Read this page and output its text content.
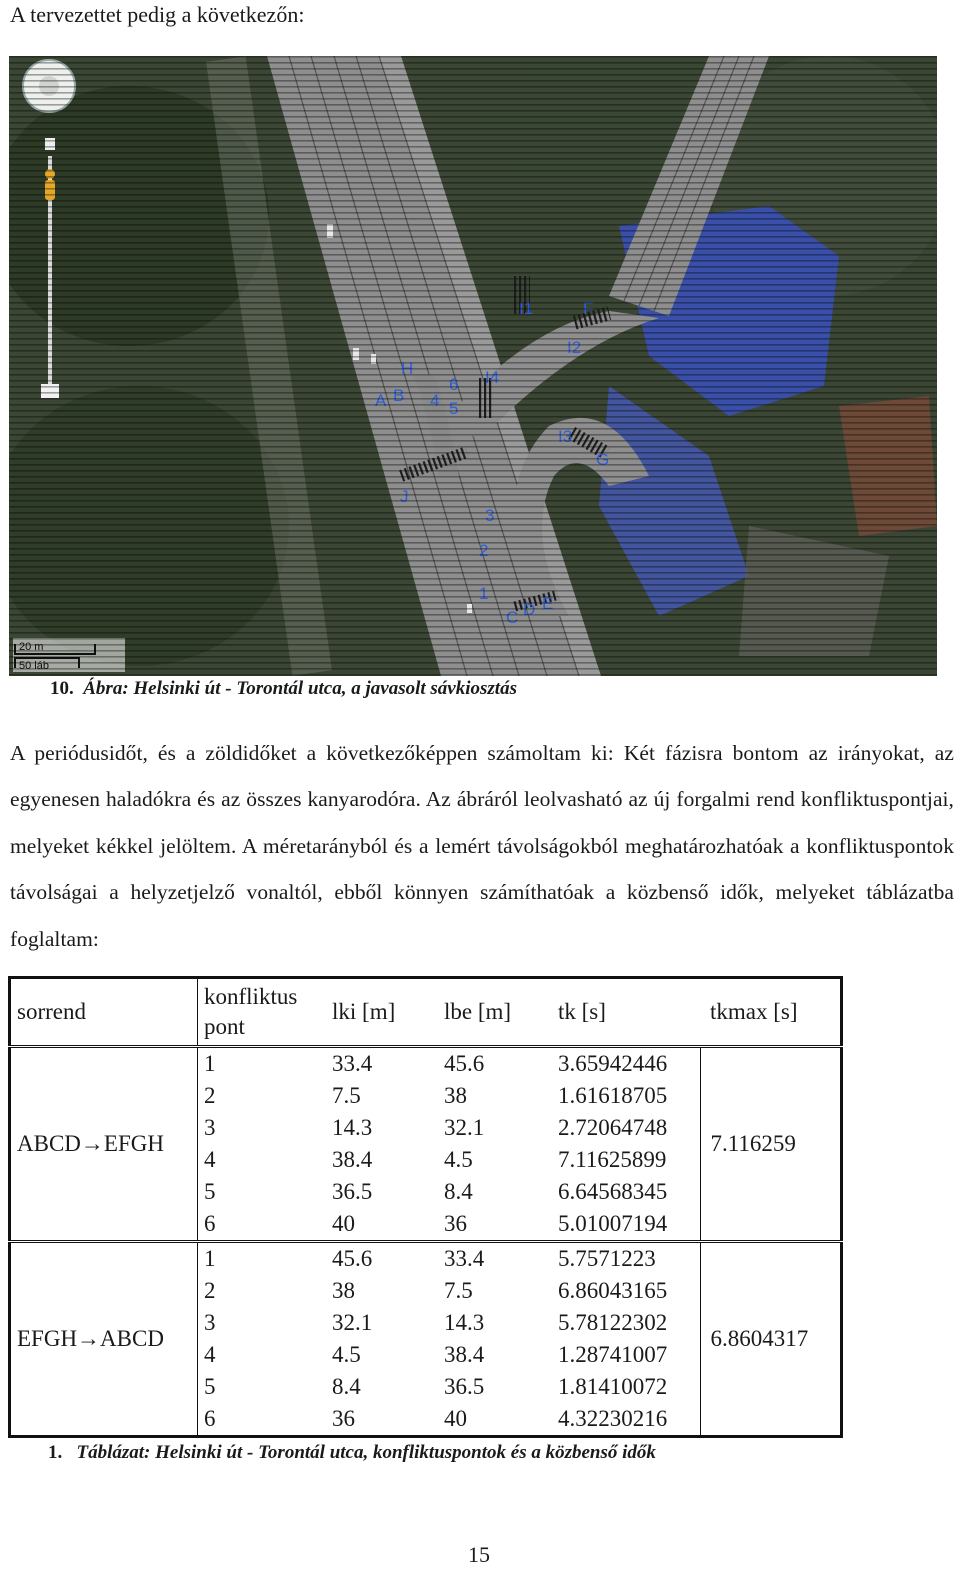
A tervezettet pedig a következőn:
10. Ábra: Helsinki út - Torontál utca, a javasolt sávkiosztás
A periódusidőt, és a zöldidőket a következőképpen számoltam ki: Két fázisra bontom az irányokat, az egyenesen haladókra és az összes kanyarodóra. Az ábráról leolvasható az új forgalmi rend konfliktuspontjai, melyeket kékkel jelöltem. A méretarányból és a lemért távolságokból meghatározhatóak a konfliktuspontok távolságai a helyzetjelző vonaltól, ebből könnyen számíthatóak a közbenső idők, melyeket táblázatba foglaltam:
sorrend	konfliktus pont	lki [m]	lbe [m]	tk [s]	tkmax [s]
ABCD→EFGH	1	33.4	45.6	3.65942446	7.116259
	2	7.5	38	1.61618705	
	3	14.3	32.1	2.72064748	
	4	38.4	4.5	7.11625899	
	5	36.5	8.4	6.64568345	
	6	40	36	5.01007194	
EFGH→ABCD	1	45.6	33.4	5.7571223	6.8604317
	2	38	7.5	6.86043165	
	3	32.1	14.3	5.78122302	
	4	4.5	38.4	1.28741007	
	5	8.4	36.5	1.81410072	
	6	36	40	4.32230216	
1. Táblázat: Helsinki út - Torontál utca, konfliktuspontok és a közbenső idők
15
